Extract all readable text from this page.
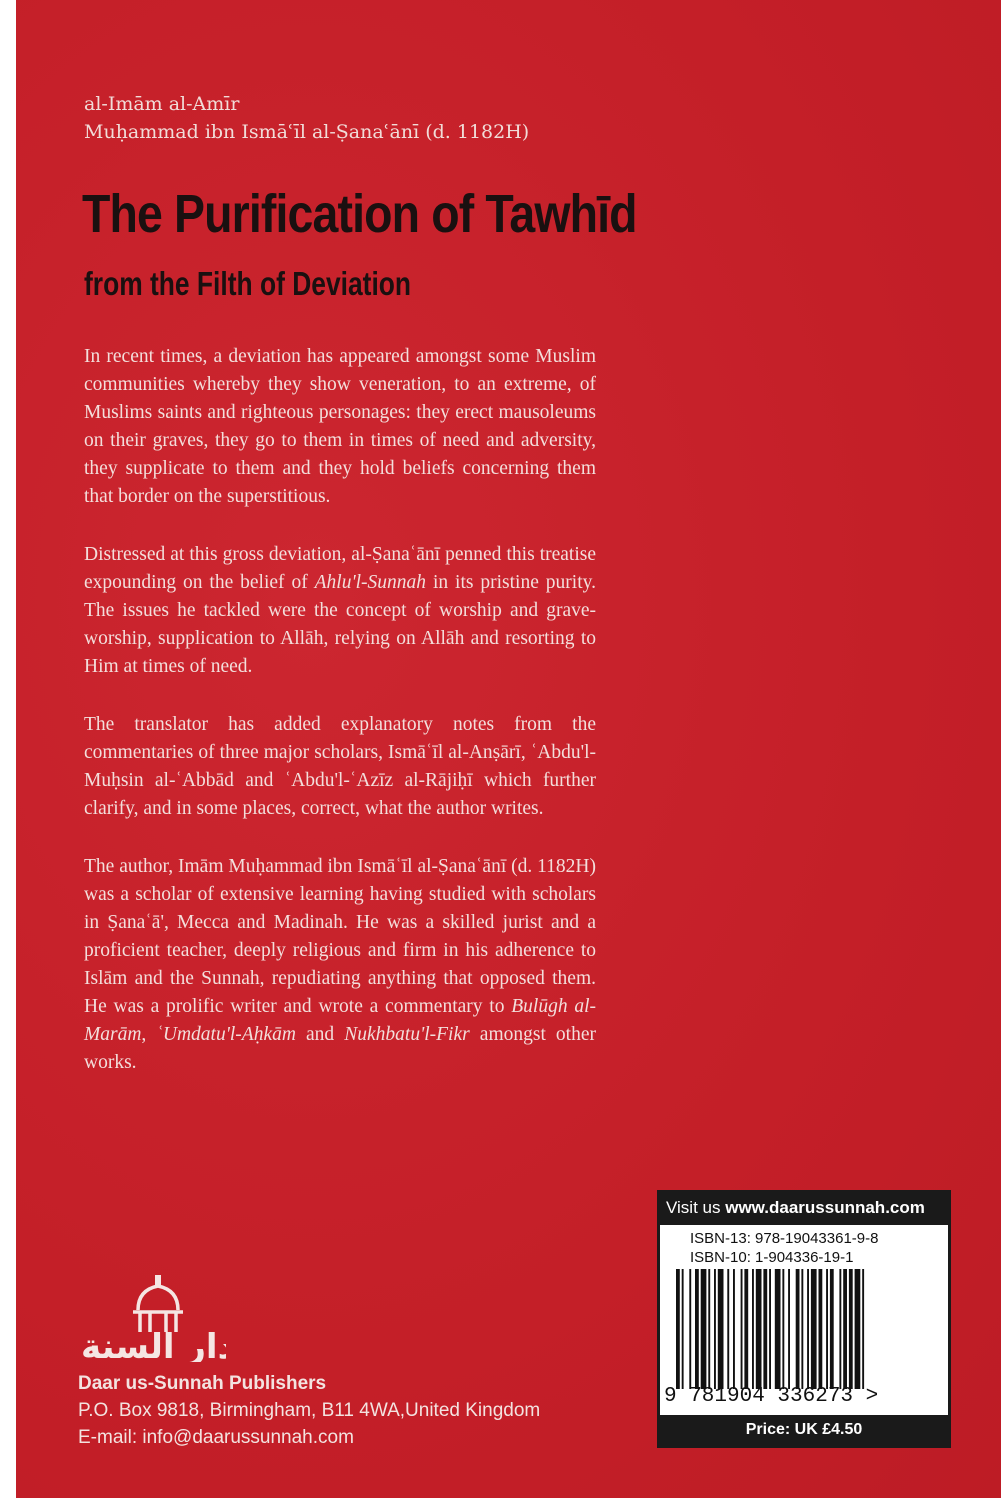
al-Imām al-Amīr
Muḥammad ibn Ismāʿīl al-Ṣanaʿānī (d. 1182H)
The Purification of Tawhīd
from the Filth of Deviation

In recent times, a deviation has appeared amongst some Muslim communities whereby they show veneration, to an extreme, of Muslims saints and righteous personages: they erect mausoleums on their graves, they go to them in times of need and adversity, they supplicate to them and they hold beliefs concerning them that border on the superstitious.

Distressed at this gross deviation, al-Ṣanaʿānī penned this treatise expounding on the belief of Ahlu'l-Sunnah in its pristine purity. The issues he tackled were the concept of worship and grave-worship, supplication to Allāh, relying on Allāh and resorting to Him at times of need.

The translator has added explanatory notes from the commentaries of three major scholars, Ismāʿīl al-Anṣārī, ʿAbdu'l-Muḥsin al-ʿAbbād and ʿAbdu'l-ʿAzīz al-Rājiḥī which further clarify, and in some places, correct, what the author writes.

The author, Imām Muḥammad ibn Ismāʿīl al-Ṣanaʿānī (d. 1182H) was a scholar of extensive learning having studied with scholars in Ṣanaʿā', Mecca and Madinah. He was a skilled jurist and a proficient teacher, deeply religious and firm in his adherence to Islām and the Sunnah, repudiating anything that opposed them. He was a prolific writer and wrote a commentary to Bulūgh al-Marām, ʿUmdatu'l-Aḥkām and Nukhbatu'l-Fikr amongst other works.

دار السنة
Daar us-Sunnah Publishers
P.O. Box 9818, Birmingham, B11 4WA,United Kingdom
E-mail: info@daarussunnah.com
Visit us www.daarussunnah.com
ISBN-13: 978-19043361-9-8
ISBN-10: 1-904336-19-1
9 781904 336273 >
Price: UK £4.50
